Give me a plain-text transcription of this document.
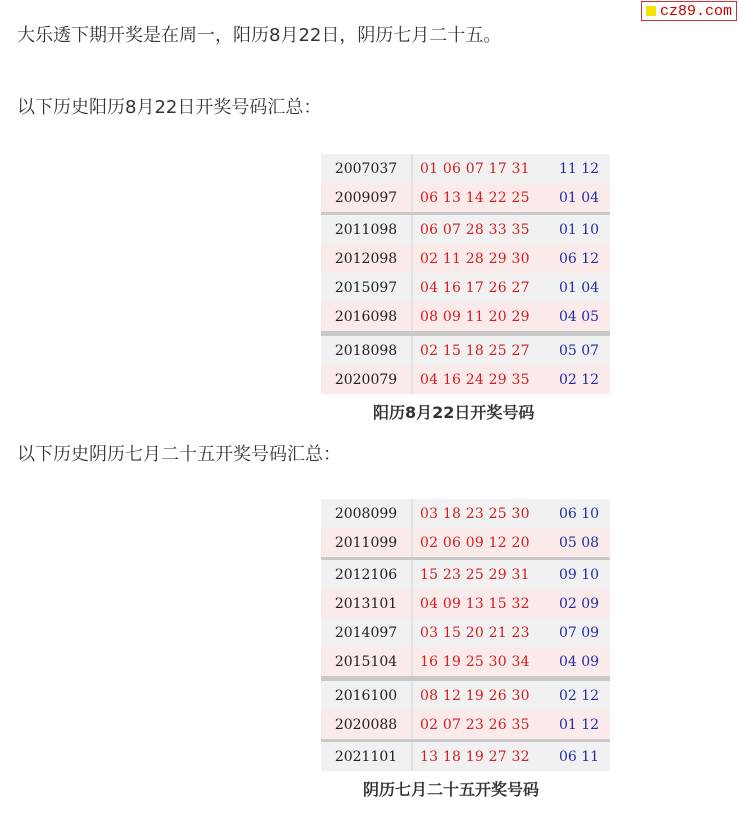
cz89.com
大乐透下期开奖是在周一，阳历8月22日，阴历七月二十五。
以下历史阳历8月22日开奖号码汇总：
2007037	01 06 07 17 31	11 12
2009097	06 13 14 22 25	01 04
2011098	06 07 28 33 35	01 10
2012098	02 11 28 29 30	06 12
2015097	04 16 17 26 27	01 04
2016098	08 09 11 20 29	04 05
2018098	02 15 18 25 27	05 07
2020079	04 16 24 29 35	02 12
阳历8月22日开奖号码
以下历史阴历七月二十五开奖号码汇总：
2008099	03 18 23 25 30	06 10
2011099	02 06 09 12 20	05 08
2012106	15 23 25 29 31	09 10
2013101	04 09 13 15 32	02 09
2014097	03 15 20 21 23	07 09
2015104	16 19 25 30 34	04 09
2016100	08 12 19 26 30	02 12
2020088	02 07 23 26 35	01 12
2021101	13 18 19 27 32	06 11
阴历七月二十五开奖号码
